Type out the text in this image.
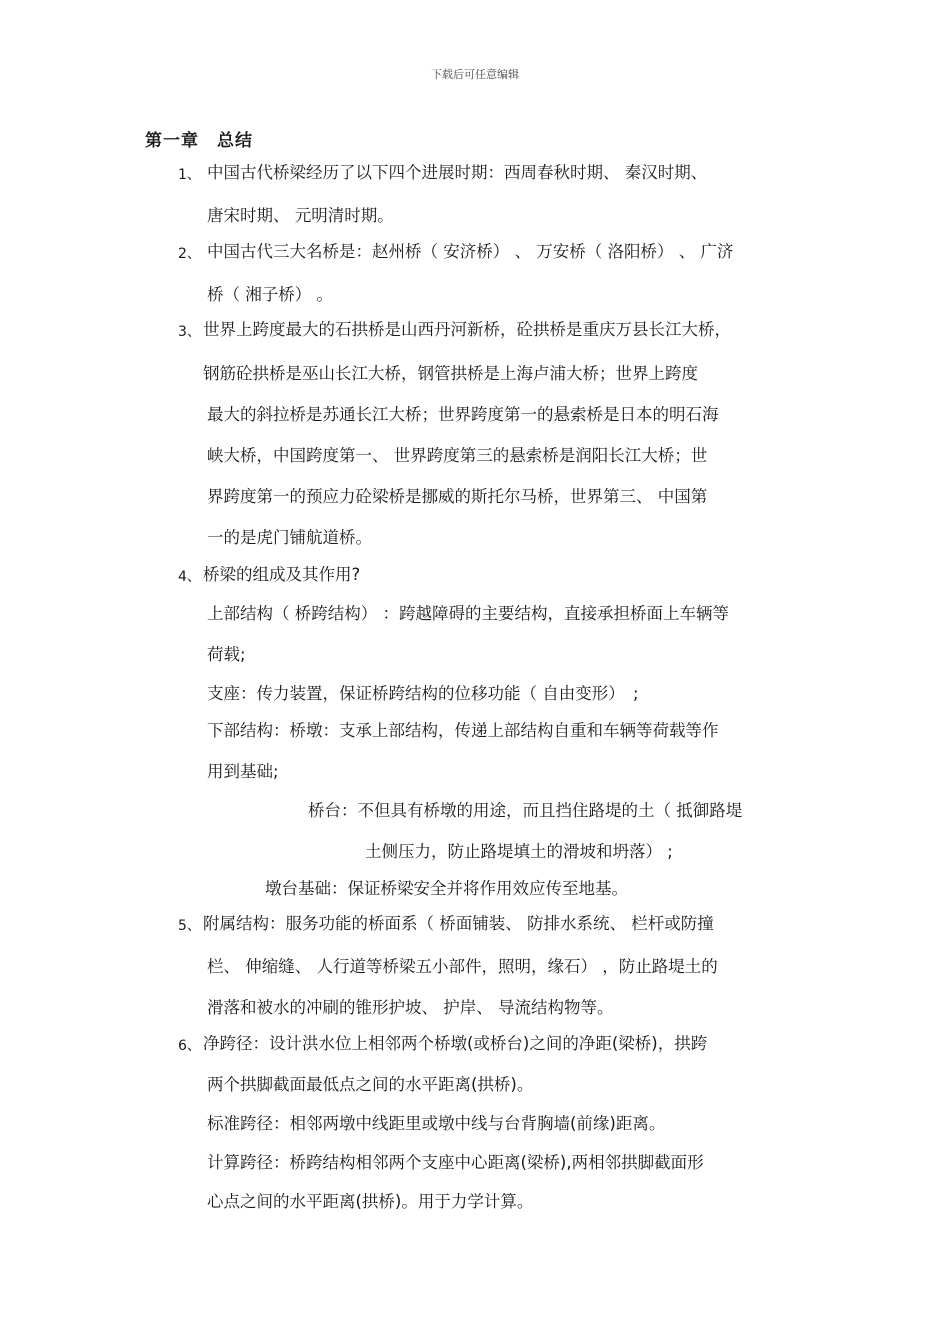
下载后可任意编辑
第一章　总结
1、 中国古代桥梁经历了以下四个进展时期：西周春秋时期、 秦汉时期、
唐宋时期、 元明清时期。
2、 中国古代三大名桥是：赵州桥（ 安济桥） 、 万安桥（ 洛阳桥） 、 广济
桥（ 湘子桥） 。
3、 世界上跨度最大的石拱桥是山西丹河新桥，砼拱桥是重庆万县长江大桥，
钢筋砼拱桥是巫山长江大桥，钢管拱桥是上海卢浦大桥；世界上跨度
最大的斜拉桥是苏通长江大桥；世界跨度第一的悬索桥是日本的明石海
峡大桥，中国跨度第一、 世界跨度第三的悬索桥是润阳长江大桥；世
界跨度第一的预应力砼梁桥是挪威的斯托尔马桥，世界第三、 中国第
一的是虎门铺航道桥。
4、 桥梁的组成及其作用?
上部结构（ 桥跨结构） ：跨越障碍的主要结构，直接承担桥面上车辆等
荷载;
支座：传力装置，保证桥跨结构的位移功能（ 自由变形）　;
下部结构：桥墩：支承上部结构，传递上部结构自重和车辆等荷载等作
用到基础;
桥台：不但具有桥墩的用途，而且挡住路堤的土（ 抵御路堤
土侧压力，防止路堤填土的滑坡和坍落） ;
墩台基础：保证桥梁安全并将作用效应传至地基。
5、 附属结构：服务功能的桥面系（ 桥面铺装、 防排水系统、 栏杆或防撞
栏、 伸缩缝、 人行道等桥梁五小部件，照明，缘石） ，防止路堤土的
滑落和被水的冲刷的锥形护坡、 护岸、 导流结构物等。
6、 净跨径：设计洪水位上相邻两个桥墩(或桥台)之间的净距(梁桥)，拱跨
两个拱脚截面最低点之间的水平距离(拱桥)。
标准跨径：相邻两墩中线距里或墩中线与台背胸墙(前缘)距离。
计算跨径：桥跨结构相邻两个支座中心距离(梁桥),两相邻拱脚截面形
心点之间的水平距离(拱桥)。用于力学计算。
